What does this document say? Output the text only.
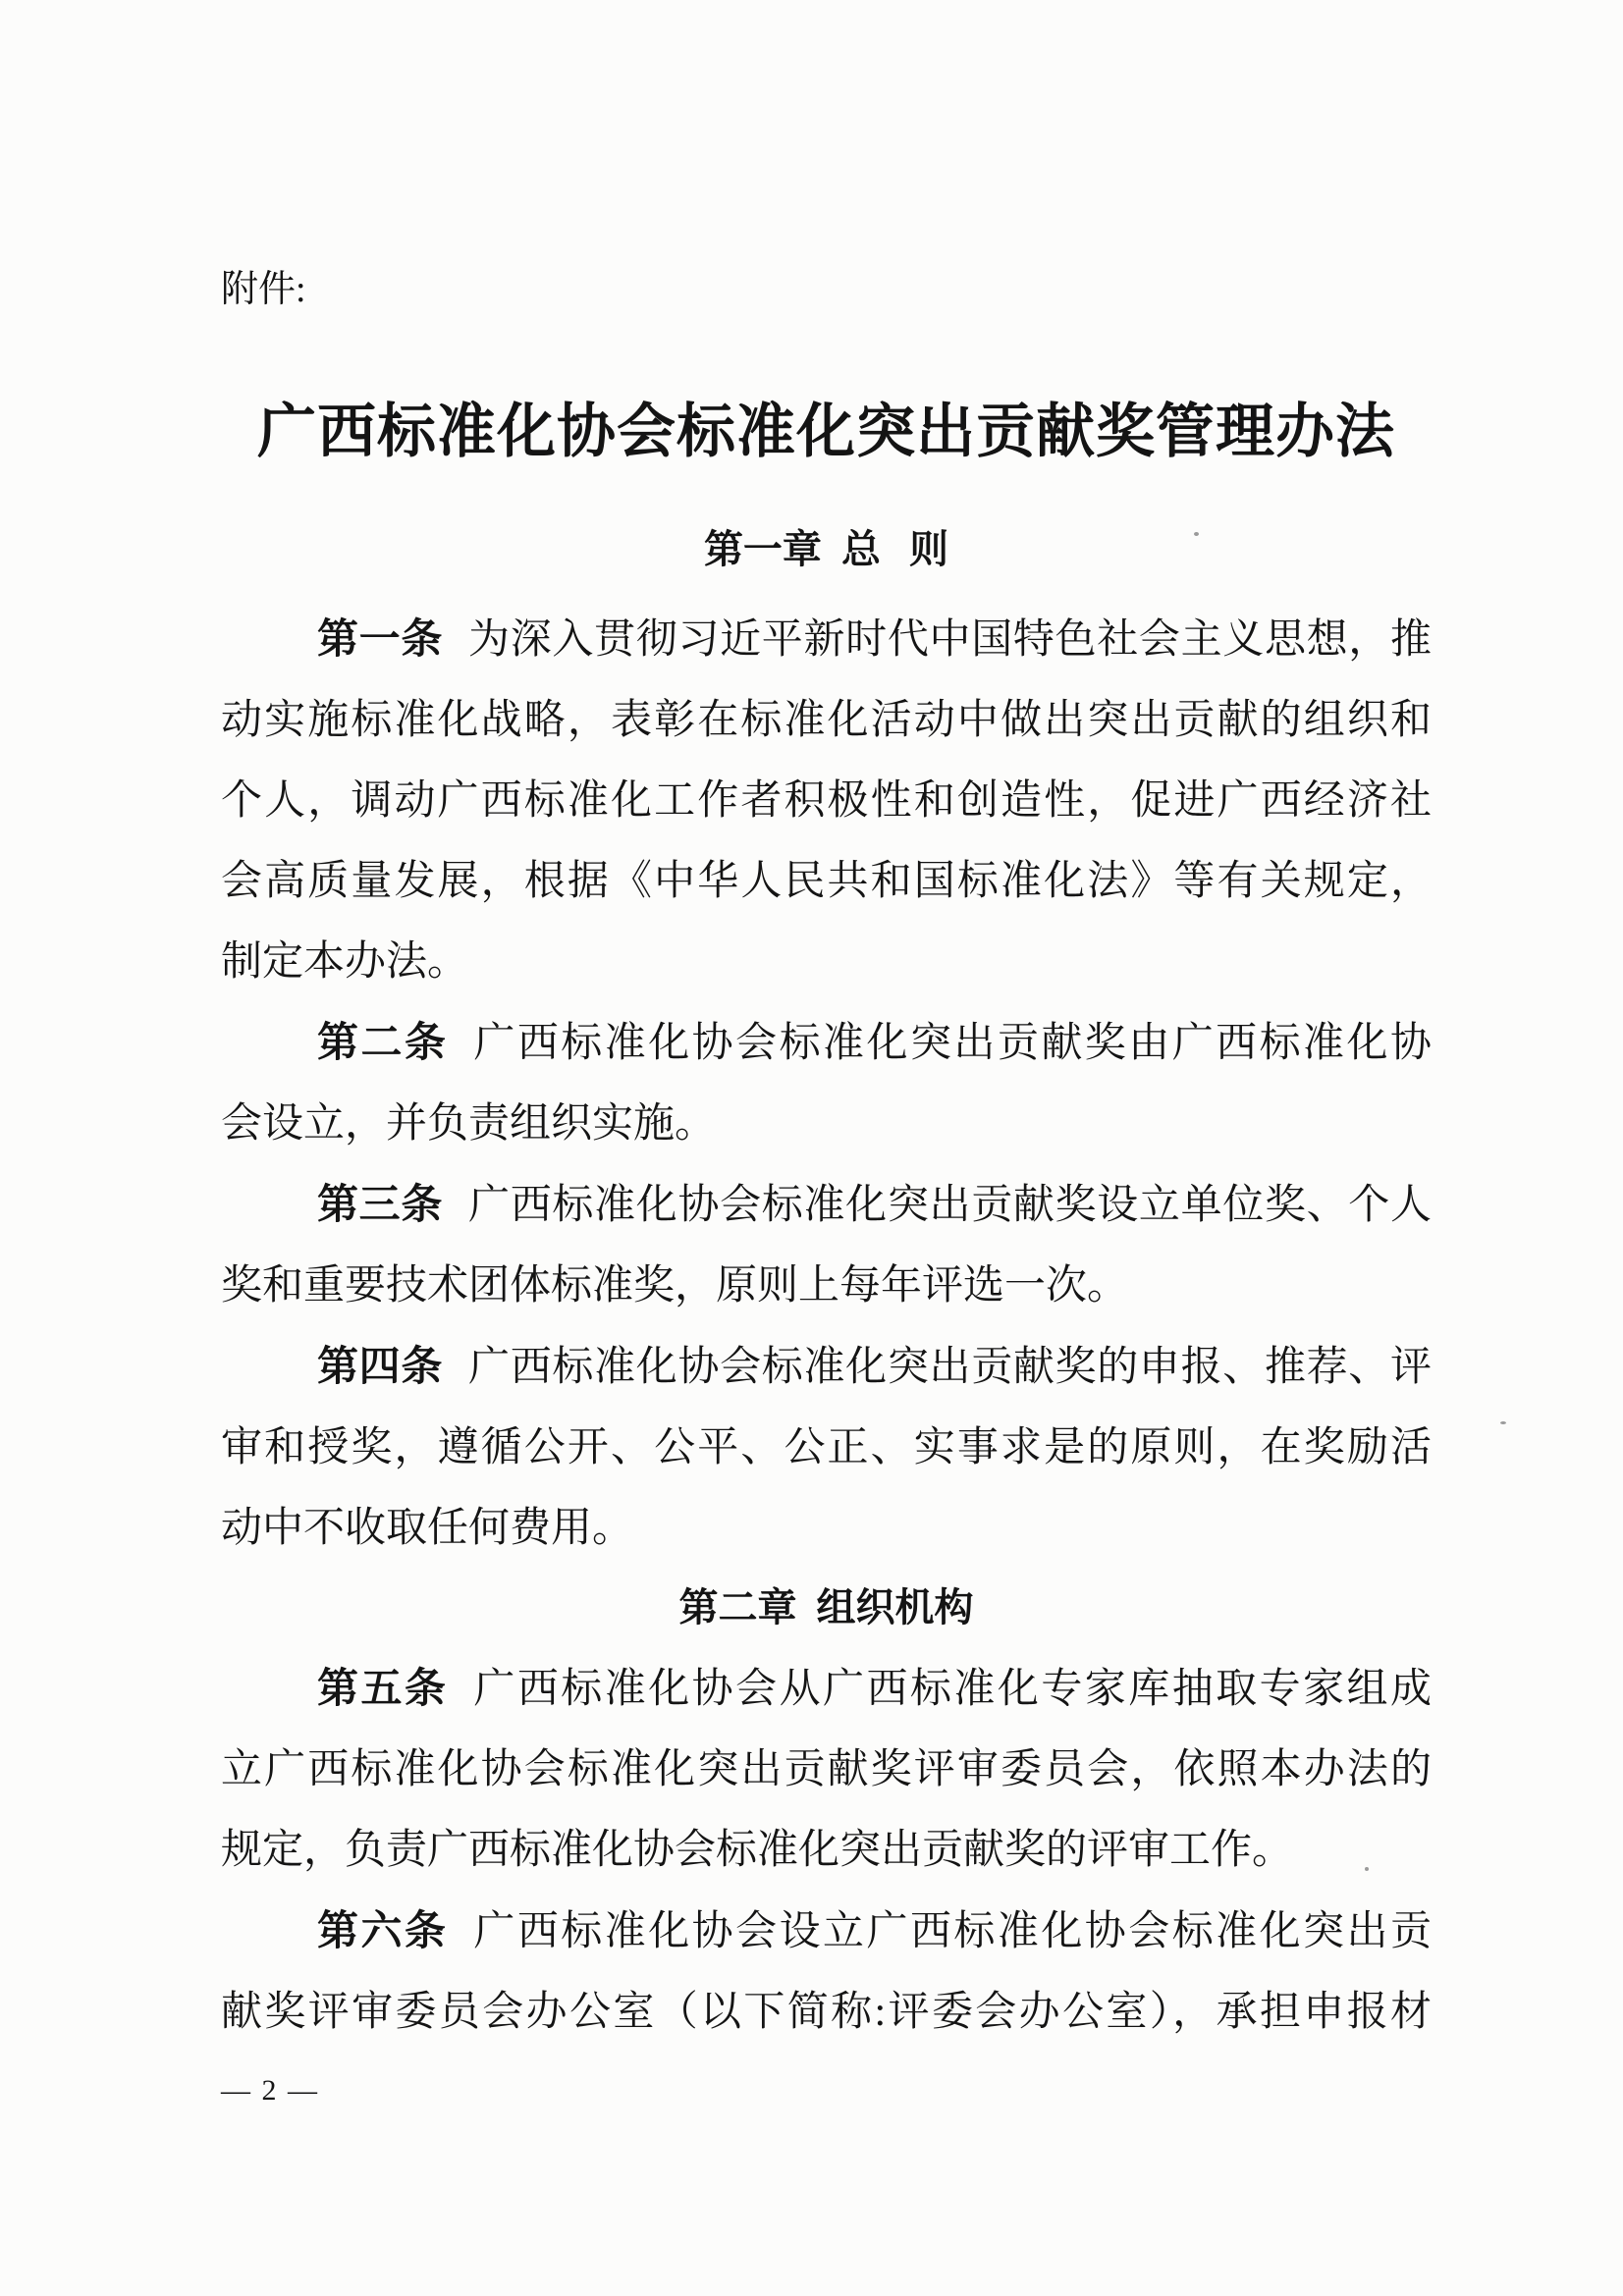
附件:
广西标准化协会标准化突出贡献奖管理办法
第一章 总 则
第一条 为深入贯彻习近平新时代中国特色社会主义思想，推
动实施标准化战略，表彰在标准化活动中做出突出贡献的组织和
个人，调动广西标准化工作者积极性和创造性，促进广西经济社
会高质量发展，根据《中华人民共和国标准化法》等有关规定，
制定本办法。
第二条 广西标准化协会标准化突出贡献奖由广西标准化协
会设立，并负责组织实施。
第三条 广西标准化协会标准化突出贡献奖设立单位奖、个人
奖和重要技术团体标准奖，原则上每年评选一次。
第四条 广西标准化协会标准化突出贡献奖的申报、推荐、评
审和授奖，遵循公开、公平、公正、实事求是的原则，在奖励活
动中不收取任何费用。
第二章 组织机构
第五条 广西标准化协会从广西标准化专家库抽取专家组成
立广西标准化协会标准化突出贡献奖评审委员会，依照本办法的
规定，负责广西标准化协会标准化突出贡献奖的评审工作。
第六条 广西标准化协会设立广西标准化协会标准化突出贡
献奖评审委员会办公室（以下简称:评委会办公室），承担申报材
— 2 —
